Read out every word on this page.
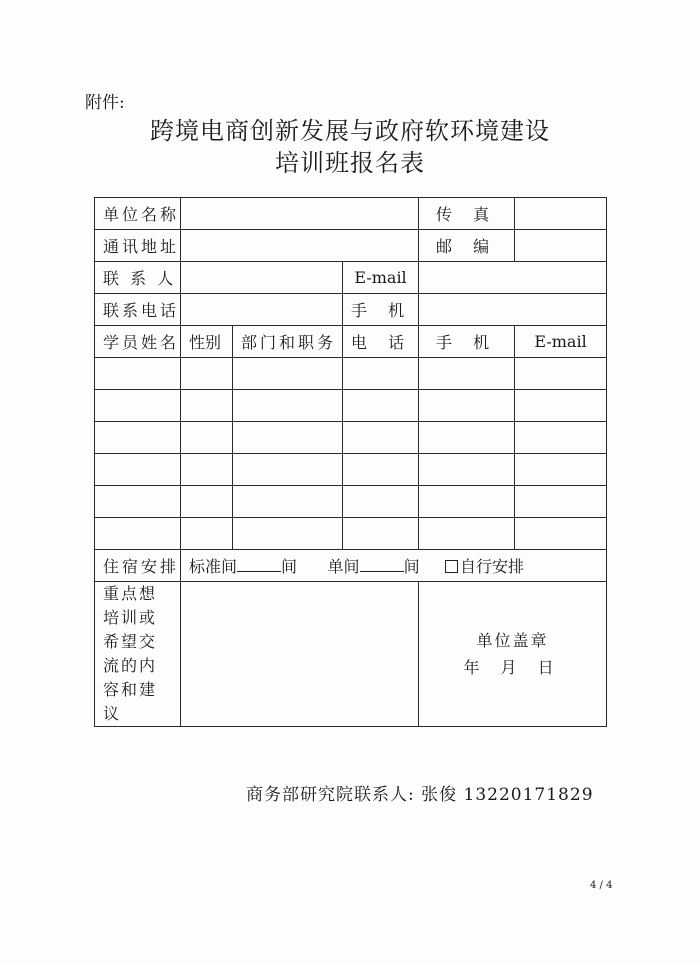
附件:
跨境电商创新发展与政府软环境建设
培训班报名表
单位名称				传 真	
通讯地址				邮 编	
联 系 人			E-mail		
联系电话			手 机		
学员姓名	性别	部门和职务	电 话	手 机	E-mail

住宿安排	标准间 间 单间 间 自行安排				
重点想培训或希望交流的内容和建议				单位盖章
年 月 日	
商务部研究院联系人: 张俊 13220171829
4 / 4
